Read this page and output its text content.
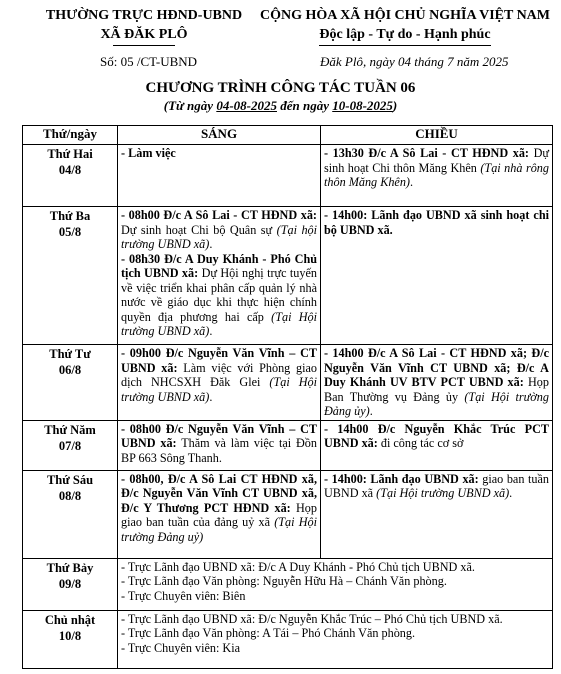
THƯỜNG TRỰC HĐND-UBND
XÃ ĐĂK PLÔ
CỘNG HÒA XÃ HỘI CHỦ NGHĨA VIỆT NAM
Độc lập - Tự do - Hạnh phúc
Số: 05 /CT-UBND	Đăk Plô, ngày 04 tháng 7 năm 2025
CHƯƠNG TRÌNH CÔNG TÁC TUẦN 06
(Từ ngày 04-08-2025 đến ngày 10-08-2025)
Thứ/ngày	SÁNG	CHIỀU

Thứ Hai
04/8	- Làm việc	- 13h30 Đ/c A Sô Lai - CT HĐND xã: Dự sinh hoạt Chi thôn Măng Khên (Tại nhà rông thôn Măng Khên).

Thứ Ba
05/8	- 08h00 Đ/c A Sô Lai - CT HĐND xã: Dự sinh hoạt Chi bộ Quân sự (Tại hội trường UBND xã).
- 08h30 Đ/c A Duy Khánh - Phó Chủ tịch UBND xã: Dự Hội nghị trực tuyến về việc triển khai phân cấp quản lý nhà nước về giáo dục khi thực hiện chính quyền địa phương hai cấp (Tại Hội trường UBND xã).	- 14h00: Lãnh đạo UBND xã sinh hoạt chi bộ UBND xã.

Thứ Tư
06/8	- 09h00 Đ/c Nguyễn Văn Vĩnh – CT UBND xã: Làm việc với Phòng giao dịch NHCSXH Đăk Glei (Tại Hội trường UBND xã).	- 14h00 Đ/c A Sô Lai - CT HĐND xã; Đ/c Nguyễn Văn Vĩnh CT UBND xã; Đ/c A Duy Khánh UV BTV PCT UBND xã: Họp Ban Thường vụ Đảng ủy (Tại Hội trường Đảng ủy).

Thứ Năm
07/8	- 08h00 Đ/c Nguyễn Văn Vĩnh – CT UBND xã: Thăm và làm việc tại Đồn BP 663 Sông Thanh.	- 14h00 Đ/c Nguyễn Khắc Trúc PCT UBND xã: đi công tác cơ sở

Thứ Sáu
08/8	- 08h00, Đ/c A Sô Lai CT HĐND xã, Đ/c Nguyễn Văn Vĩnh CT UBND xã, Đ/c Y Thương PCT HĐND xã: Họp giao ban tuần của đảng uỷ xã (Tại Hội trường Đảng uỷ)	- 14h00: Lãnh đạo UBND xã: giao ban tuần UBND xã (Tại Hội trường UBND xã).

Thứ Bảy
09/8	- Trực Lãnh đạo UBND xã: Đ/c A Duy Khánh - Phó Chủ tịch UBND xã.
- Trực Lãnh đạo Văn phòng: Nguyễn Hữu Hà – Chánh Văn phòng.
- Trực Chuyên viên: Biên	

Chủ nhật
10/8	- Trực Lãnh đạo UBND xã: Đ/c Nguyễn Khắc Trúc – Phó Chủ tịch UBND xã.
- Trực Lãnh đạo Văn phòng: A Tái – Phó Chánh Văn phòng.
- Trực Chuyên viên: Kia	
